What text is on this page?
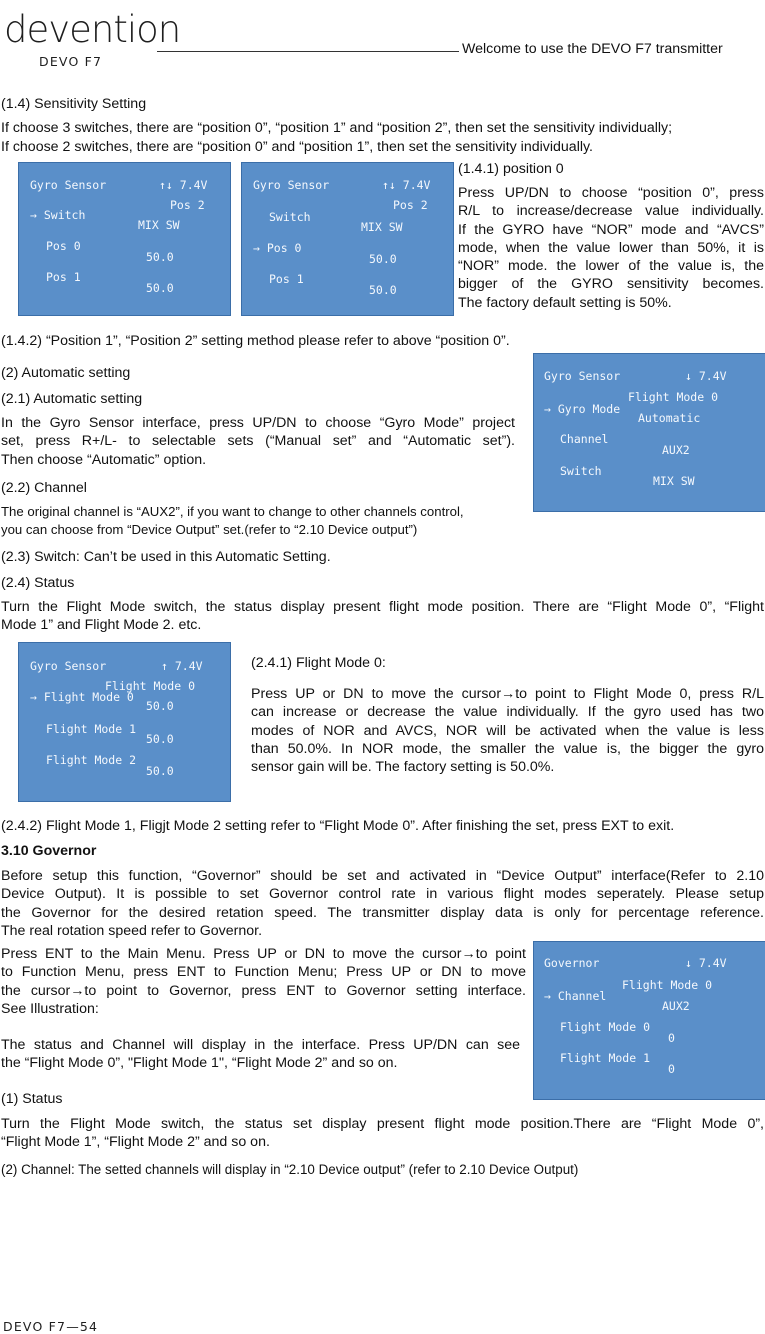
devention
DEVO F7
Welcome to use the DEVO F7 transmitter
(1.4) Sensitivity Setting
If choose 3 switches, there are “position 0”, “position 1” and “position 2”, then set the sensitivity individually;
If choose 2 switches, there are “position 0” and “position 1”, then set the sensitivity individually.
Gyro Sensor	↑↓ 7.4V
Pos 2
→ Switch
MIX SW
Pos 0
50.0
Pos 1
50.0
Gyro Sensor	↑↓ 7.4V
Pos 2
Switch
MIX SW
→ Pos 0
50.0
Pos 1
50.0
(1.4.1) position 0
Press UP/DN to choose “position 0”, press
R/L to increase/decrease value individually.
If the GYRO have “NOR” mode and “AVCS”
mode, when the value lower than 50%, it is
“NOR” mode. the lower of the value is, the
bigger of the GYRO sensitivity becomes.
The factory default setting is 50%.
(1.4.2) “Position 1”, “Position 2” setting method please refer to above “position 0”.
(2) Automatic setting
(2.1) Automatic setting
In the Gyro Sensor interface, press UP/DN to choose “Gyro Mode” project
set, press R+/L- to selectable sets (“Manual set” and “Automatic set”).
Then choose “Automatic” option.
(2.2) Channel
The original channel is “AUX2”, if you want to change to other channels control,
you can choose from “Device Output” set.(refer to “2.10 Device output”)
Gyro Sensor	↓ 7.4V
Flight Mode 0
→ Gyro Mode
Automatic
Channel
AUX2
Switch
MIX SW
(2.3) Switch: Can’t be used in this Automatic Setting.
(2.4) Status
Turn the Flight Mode switch, the status display present flight mode position. There are “Flight Mode 0”, “Flight
Mode 1” and Flight Mode 2. etc.
Gyro Sensor	↑ 7.4V
Flight Mode 0
→ Flight Mode 0
50.0
Flight Mode 1
50.0
Flight Mode 2
50.0
(2.4.1) Flight Mode 0:
Press UP or DN to move the cursor→to point to Flight Mode 0, press R/L
can increase or decrease the value individually. If the gyro used has two
modes of NOR and AVCS, NOR will be activated when the value is less
than 50.0%. In NOR mode, the smaller the value is, the bigger the gyro
sensor gain will be. The factory setting is 50.0%.
(2.4.2) Flight Mode 1, Fligjt Mode 2 setting refer to “Flight Mode 0”. After finishing the set, press EXT to exit.
3.10 Governor
Before setup this function, “Governor” should be set and activated in “Device Output” interface(Refer to 2.10
Device Output). It is possible to set Governor control rate in various flight modes seperately. Please setup
the Governor for the desired retation speed. The transmitter display data is only for percentage reference.
The real rotation speed refer to Governor.
Press ENT to the Main Menu. Press UP or DN to move the cursor→to point
to Function Menu, press ENT to Function Menu; Press UP or DN to move
the cursor→to point to Governor, press ENT to Governor setting interface.
See Illustration:
The status and Channel will display in the interface. Press UP/DN can see
the “Flight Mode 0”, "Flight Mode 1", “Flight Mode 2” and so on.
Governor	↓ 7.4V
Flight Mode 0
→ Channel
AUX2
Flight Mode 0
0
Flight Mode 1
0
(1) Status
Turn the Flight Mode switch, the status set display present flight mode position.There are “Flight Mode 0”,
“Flight Mode 1”, “Flight Mode 2” and so on.
(2) Channel: The setted channels will display in “2.10 Device output” (refer to 2.10 Device Output)
DEVO F7—54
